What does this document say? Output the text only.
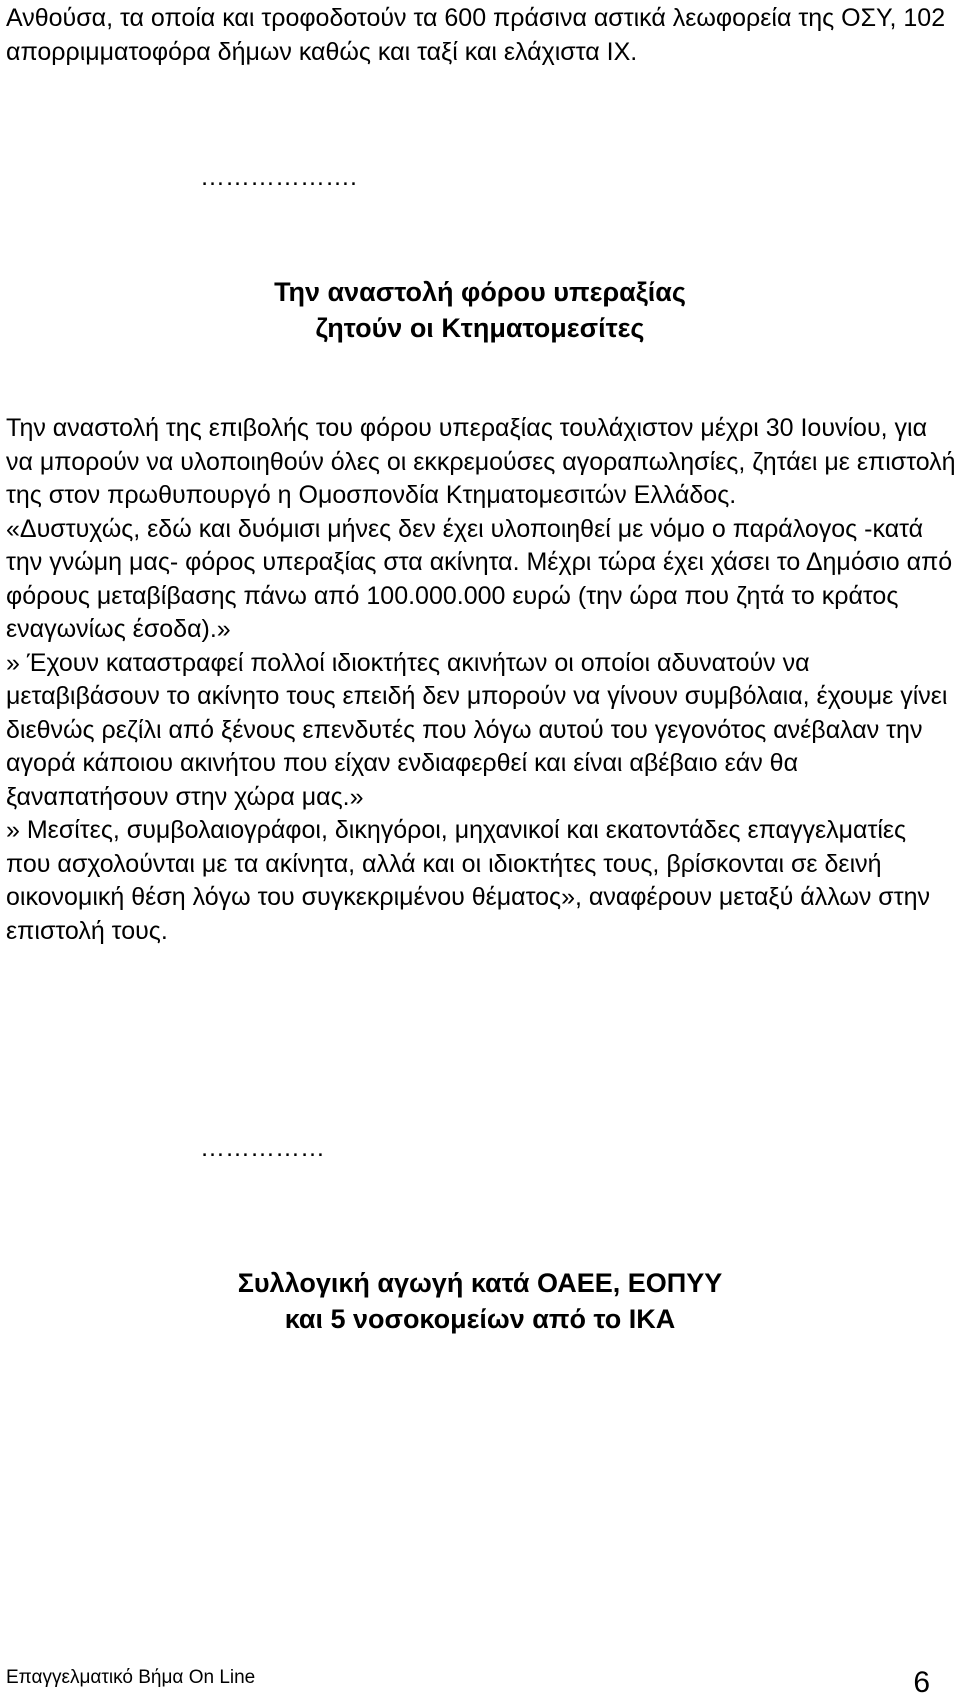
Ανθούσα, τα οποία και τροφοδοτούν τα 600 πράσινα αστικά λεωφορεία της ΟΣΥ, 102 απορριμματοφόρα δήμων καθώς και ταξί και ελάχιστα ΙΧ.

……………….

Την αναστολή φόρου υπεραξίας
ζητούν οι Κτηματομεσίτες
Την αναστολή της επιβολής του φόρου υπεραξίας τουλάχιστον μέχρι 30 Ιουνίου, για να μπορούν να υλοποιηθούν όλες οι εκκρεμούσες αγοραπωλησίες, ζητάει με επιστολή της στον πρωθυπουργό η Ομοσπονδία Κτηματομεσιτών Ελλάδος.
«Δυστυχώς, εδώ και δυόμισι μήνες δεν έχει υλοποιηθεί με νόμο ο παράλογος -κατά την γνώμη μας- φόρος υπεραξίας στα ακίνητα. Μέχρι τώρα έχει χάσει το Δημόσιο από φόρους μεταβίβασης πάνω από 100.000.000 ευρώ (την ώρα που ζητά το κράτος εναγωνίως έσοδα).»
» Έχουν καταστραφεί πολλοί ιδιοκτήτες ακινήτων οι οποίοι αδυνατούν να μεταβιβάσουν το ακίνητο τους επειδή δεν μπορούν να γίνουν συμβόλαια, έχουμε γίνει διεθνώς ρεζίλι από ξένους επενδυτές που λόγω αυτού του γεγονότος ανέβαλαν την αγορά κάποιου ακινήτου που είχαν ενδιαφερθεί και είναι αβέβαιο εάν θα ξαναπατήσουν στην χώρα μας.»
» Μεσίτες, συμβολαιογράφοι, δικηγόροι, μηχανικοί και εκατοντάδες επαγγελματίες που ασχολούνται με τα ακίνητα, αλλά και οι ιδιοκτήτες τους, βρίσκονται σε δεινή οικονομική θέση λόγω του συγκεκριμένου θέματος», αναφέρουν μεταξύ άλλων στην επιστολή τους.

……………

Συλλογική αγωγή κατά ΟΑΕΕ, ΕΟΠΥΥ
και 5 νοσοκομείων από το ΙΚΑ
Επαγγελματικό Βήμα On Line	6
